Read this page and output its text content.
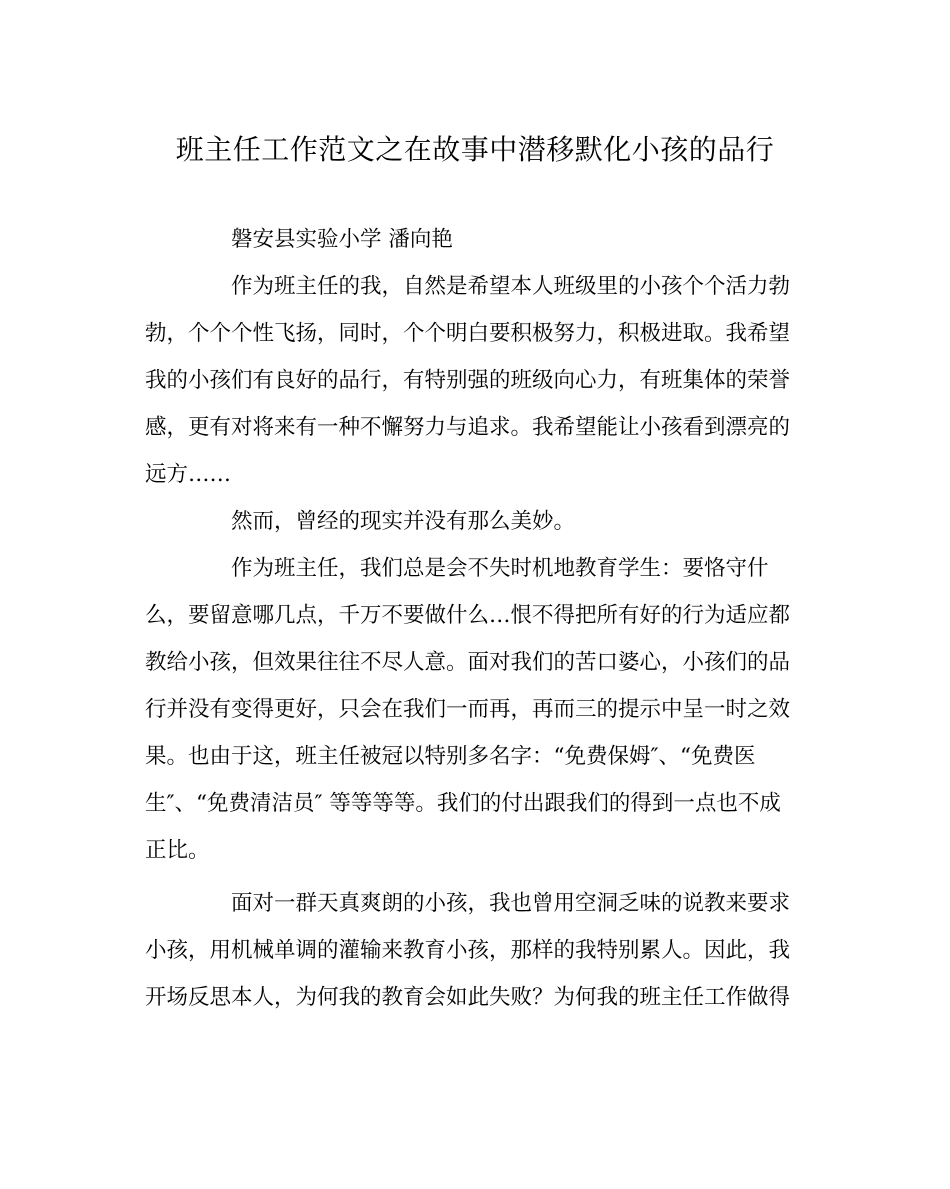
班主任工作范文之在故事中潜移默化小孩的品行
磐安县实验小学 潘向艳
作为班主任的我，自然是希望本人班级里的小孩个个活力勃
勃，个个个性飞扬，同时，个个明白要积极努力，积极进取。我希望
我的小孩们有良好的品行，有特别强的班级向心力，有班集体的荣誉
感，更有对将来有一种不懈努力与追求。我希望能让小孩看到漂亮的
远方……
然而，曾经的现实并没有那么美妙。
作为班主任，我们总是会不失时机地教育学生：要恪守什
么，要留意哪几点，千万不要做什么…恨不得把所有好的行为适应都
教给小孩，但效果往往不尽人意。面对我们的苦口婆心，小孩们的品
行并没有变得更好，只会在我们一而再，再而三的提示中呈一时之效
果。也由于这，班主任被冠以特别多名字：“免费保姆″、“免费医
生″、“免费清洁员″ 等等等等。我们的付出跟我们的得到一点也不成
正比。
面对一群天真爽朗的小孩，我也曾用空洞乏味的说教来要求
小孩，用机械单调的灌输来教育小孩，那样的我特别累人。因此，我
开场反思本人，为何我的教育会如此失败？为何我的班主任工作做得
